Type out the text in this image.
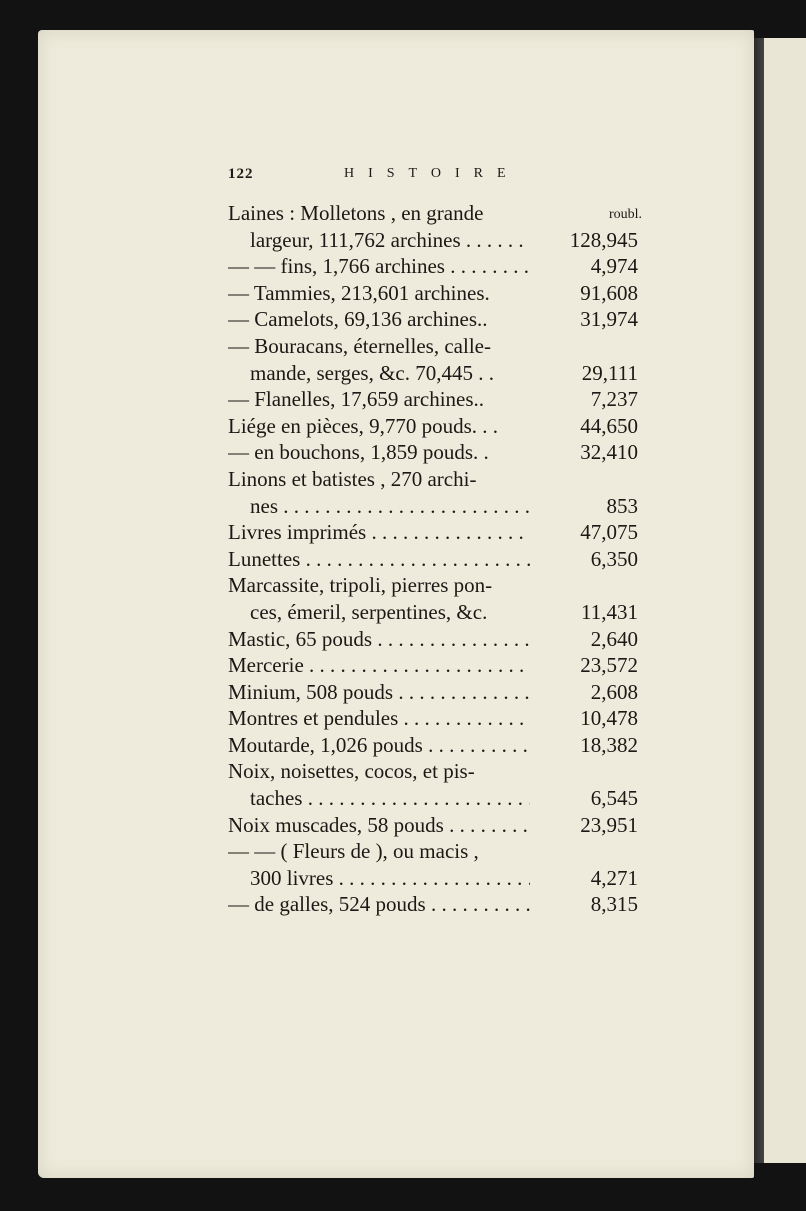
122	HISTOIRE
Laines : Molletons , en grande	roubl.
largeur, 111,762 archines . . .	128,945
— — fins, 1,766 archines . . .	4,974
— Tammies, 213,601 archines.	91,608
— Camelots, 69,136 archines..	31,974
— Bouracans, éternelles, calle-
mande, serges, &c. 70,445 . .	29,111
— Flanelles, 17,659 archines..	7,237
Liége en pièces, 9,770 pouds. . .	44,650
— en bouchons, 1,859 pouds. .	32,410
Linons et batistes , 270 archi-
nes . . .	853
Livres imprimés . . .	47,075
Lunettes . . .	6,350
Marcassite, tripoli, pierres pon-
ces, émeril, serpentines, &c.	11,431
Mastic, 65 pouds . . .	2,640
Mercerie . . .	23,572
Minium, 508 pouds . . .	2,608
Montres et pendules . . .	10,478
Moutarde, 1,026 pouds . . .	18,382
Noix, noisettes, cocos, et pis-
taches . . .	6,545
Noix muscades, 58 pouds . . .	23,951
— — ( Fleurs de ), ou macis ,
300 livres . . .	4,271
— de galles, 524 pouds . . .	8,315
